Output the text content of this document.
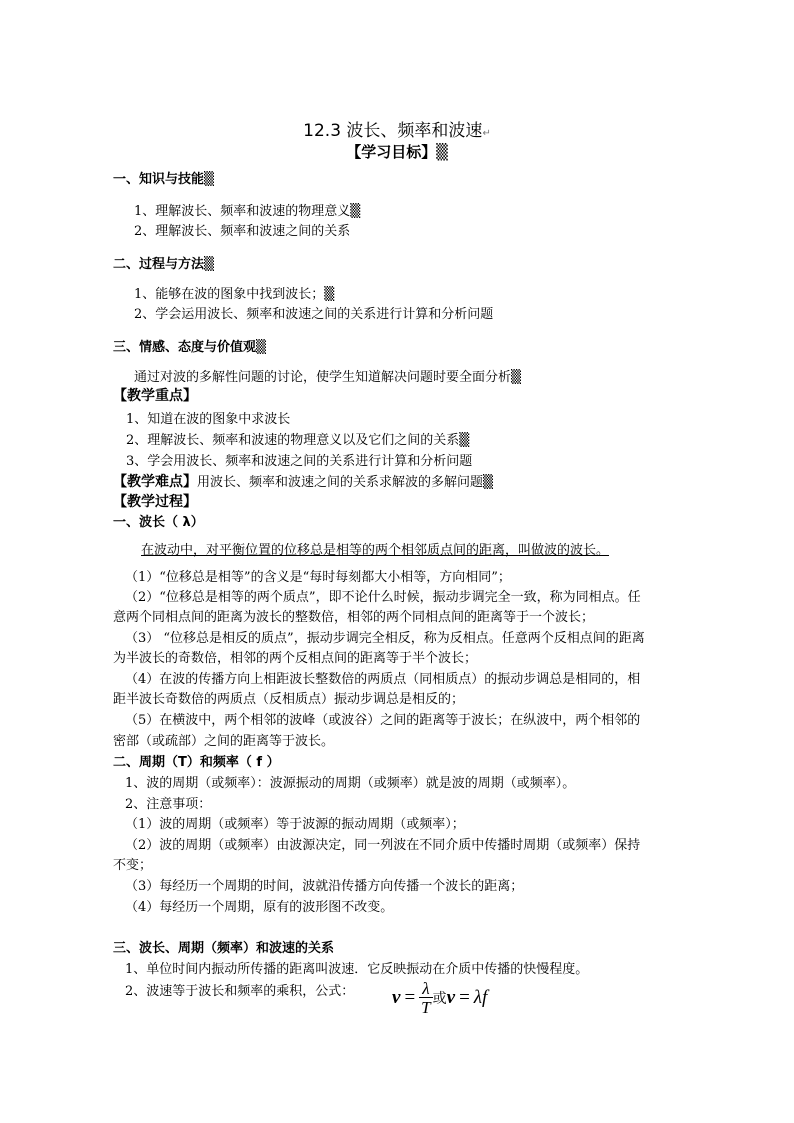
12.3 波长、频率和波速↵
【学习目标】▒
一、知识与技能▒
1、理解波长、频率和波速的物理意义▒
2、理解波长、频率和波速之间的关系
二、过程与方法▒
1、能够在波的图象中找到波长；▒
2、学会运用波长、频率和波速之间的关系进行计算和分析问题
三、情感、态度与价值观▒
通过对波的多解性问题的讨论，使学生知道解决问题时要全面分析▒
【教学重点】
1、知道在波的图象中求波长
2、理解波长、频率和波速的物理意义以及它们之间的关系▒
3、学会用波长、频率和波速之间的关系进行计算和分析问题
【教学难点】用波长、频率和波速之间的关系求解波的多解问题▒
【教学过程】
一、波长（ λ）
在波动中，对平衡位置的位移总是相等的两个相邻质点间的距离，叫做波的波长。
（1）“位移总是相等”的含义是“每时每刻都大小相等，方向相同”；
（2）“位移总是相等的两个质点”，即不论什么时候，振动步调完全一致，称为同相点。任
意两个同相点间的距离为波长的整数倍，相邻的两个同相点间的距离等于一个波长；
（3） “位移总是相反的质点”，振动步调完全相反，称为反相点。任意两个反相点间的距离
为半波长的奇数倍，相邻的两个反相点间的距离等于半个波长；
（4）在波的传播方向上相距波长整数倍的两质点（同相质点）的振动步调总是相同的，相
距半波长奇数倍的两质点（反相质点）振动步调总是相反的；
（5）在横波中，两个相邻的波峰（或波谷）之间的距离等于波长；在纵波中，两个相邻的
密部（或疏部）之间的距离等于波长。
二、周期（T）和频率（ f ）
1、波的周期（或频率）：波源振动的周期（或频率）就是波的周期（或频率）。
2、注意事项：
（1）波的周期（或频率）等于波源的振动周期（或频率）；
（2）波的周期（或频率）由波源决定，同一列波在不同介质中传播时周期（或频率）保持
不变；
（3）每经历一个周期的时间，波就沿传播方向传播一个波长的距离；
（4）每经历一个周期，原有的波形图不改变。
三、波长、周期（频率）和波速的关系
1、单位时间内振动所传播的距离叫波速．它反映振动在介质中传播的快慢程度。
2、波速等于波长和频率的乘积，公式： $v = \frac{\lambda}{T}$ 或v = λf
